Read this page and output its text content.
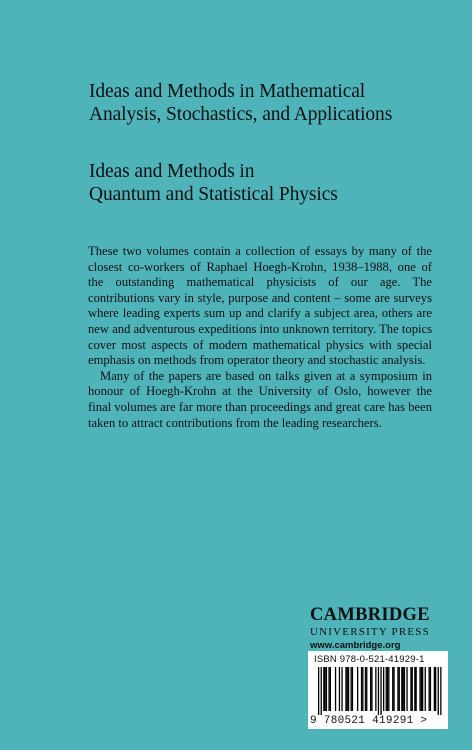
Ideas and Methods in Mathematical
Analysis, Stochastics, and Applications
Ideas and Methods in
Quantum and Statistical Physics

These two volumes contain a collection of essays by many of the closest co-workers of Raphael Hoegh-Krohn, 1938–1988, one of the outstanding mathematical physicists of our age. The contributions vary in style, purpose and content – some are surveys where leading experts sum up and clarify a subject area, others are new and adventurous expeditions into unknown territory. The topics cover most aspects of modern mathematical physics with special emphasis on methods from operator theory and stochastic analysis.

Many of the papers are based on talks given at a symposium in honour of Hoegh-Krohn at the University of Oslo, however the final volumes are far more than proceedings and great care has been taken to attract contributions from the leading researchers.

CAMBRIDGE
UNIVERSITY PRESS
www.cambridge.org
ISBN 978-0-521-41929-1
9 780521 419291 >
